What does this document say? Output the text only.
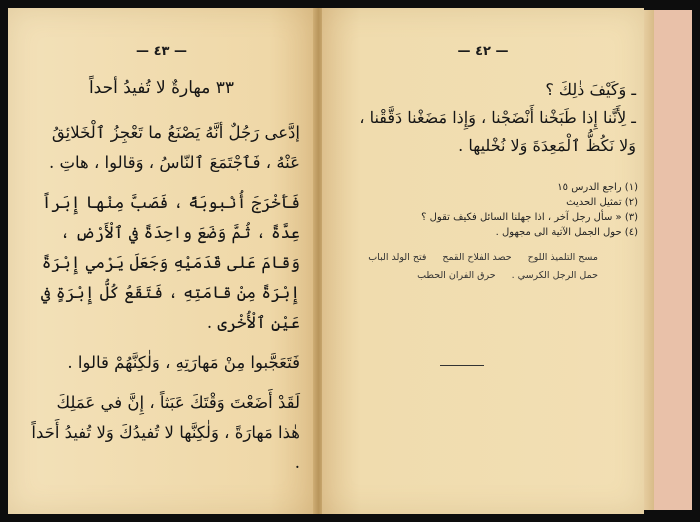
— ٤٣ —
٣٣ مهارةٌ لا تُفيدُ أحداً

إدَّعى رَجُلٌ أنَّهُ يَصْنَعُ ما تَعْجِزُ ٱلْخَلائِقُ عَنْهُ ، فَٱجْتَمَعَ ٱلنّاسُ ، وَقالوا ، هاتِ .

فَأَخْرَجَ أُنْبوبَةً ، فَصَبَّ مِنْها إِبَراً عِدَّةً ، ثُمَّ وَضَعَ واحِدَةً في ٱلْأَرْضِ ، وَقامَ عَلى قَدَمَيْهِ وَجَعَلَ يَرْمي إِبْرَةً إِبْرَةً مِنْ قامَتِهِ ، فَتَقَعُ كُلُّ إِبْرَةٍ في عَيْنِ ٱلْأُخْرى .

فَتَعَجَّبوا مِنْ مَهارَتِهِ ، وَلٰكِنَّهُمْ قالوا .

لَقَدْ أَضَعْتَ وَقْتَكَ عَبَثاً ، إِنَّ في عَمَلِكَ هٰذا مَهارَةً ، وَلٰكِنَّها لا تُفيدُكَ وَلا تُفيدُ أَحَداً .

— ٤٢ —

ـ وَكَيْفَ ذٰلِكَ ؟

ـ لِأَنَّنا إِذا طَبَخْنا أَنْضَجْنا ، وَإِذا مَضَغْنا دَقَّقْنا ، وَلا نَكُظُّ ٱلْمَعِدَةَ وَلا نُخْليها .

(١) راجع الدرس ١٥
(٢) تمثيل الحديث
(٣) « سأل رجل آخر ، اذا جهلنا السائل فكيف تقول ؟
(٤) حول الجمل الآتية الى مجهول .
فتح الولد الباب حصد الفلاح القمح مسح التلميذ اللوح
حرق الفران الحطب حمل الرجل الكرسي .
